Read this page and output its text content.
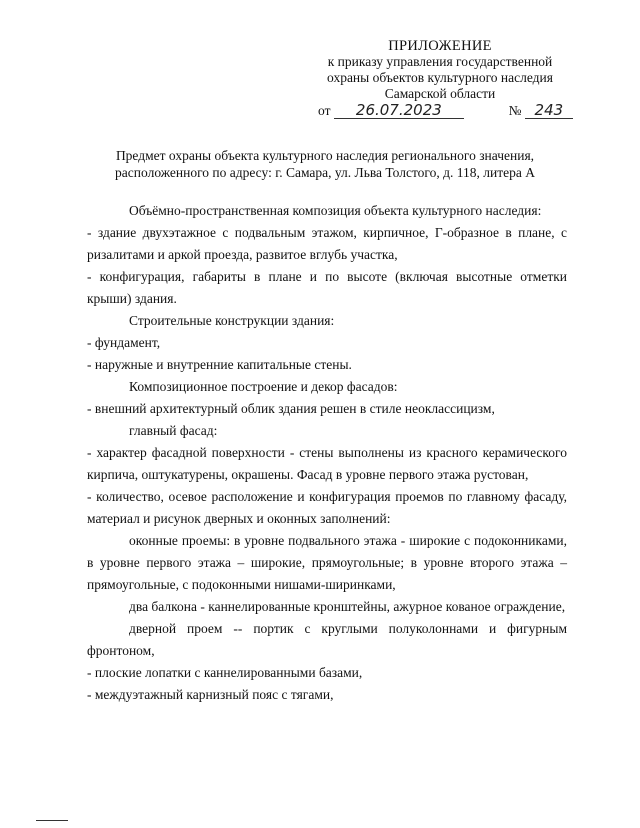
ПРИЛОЖЕНИЕ
к приказу управления государственной
охраны объектов культурного наследия
Самарской области
от 26.07.2023	№ 243
Предмет охраны объекта культурного наследия регионального значения,
расположенного по адресу: г. Самара, ул. Льва Толстого, д. 118, литера А

Объёмно-пространственная композиция объекта культурного наследия:

- здание двухэтажное с подвальным этажом, кирпичное, Г-образное в плане, с ризалитами и аркой проезда, развитое вглубь участка,

- конфигурация, габариты в плане и по высоте (включая высотные отметки крыши) здания.

Строительные конструкции здания:

- фундамент,

- наружные и внутренние капитальные стены.

Композиционное построение и декор фасадов:

- внешний архитектурный облик здания решен в стиле неоклассицизм,

главный фасад:

- характер фасадной поверхности - стены выполнены из красного керамического кирпича, оштукатурены, окрашены. Фасад в уровне первого этажа рустован,

- количество, осевое расположение и конфигурация проемов по главному фасаду, материал и рисунок дверных и оконных заполнений:

оконные проемы: в уровне подвального этажа - широкие с подоконниками, в уровне первого этажа – широкие, прямоугольные; в уровне второго этажа – прямоугольные, с подоконными нишами-ширинками,

два балкона - каннелированные кронштейны, ажурное кованое ограждение,

дверной проем -- портик с круглыми полуколоннами и фигурным фронтоном,

- плоские лопатки с каннелированными базами,

- междуэтажный карнизный пояс с тягами,
